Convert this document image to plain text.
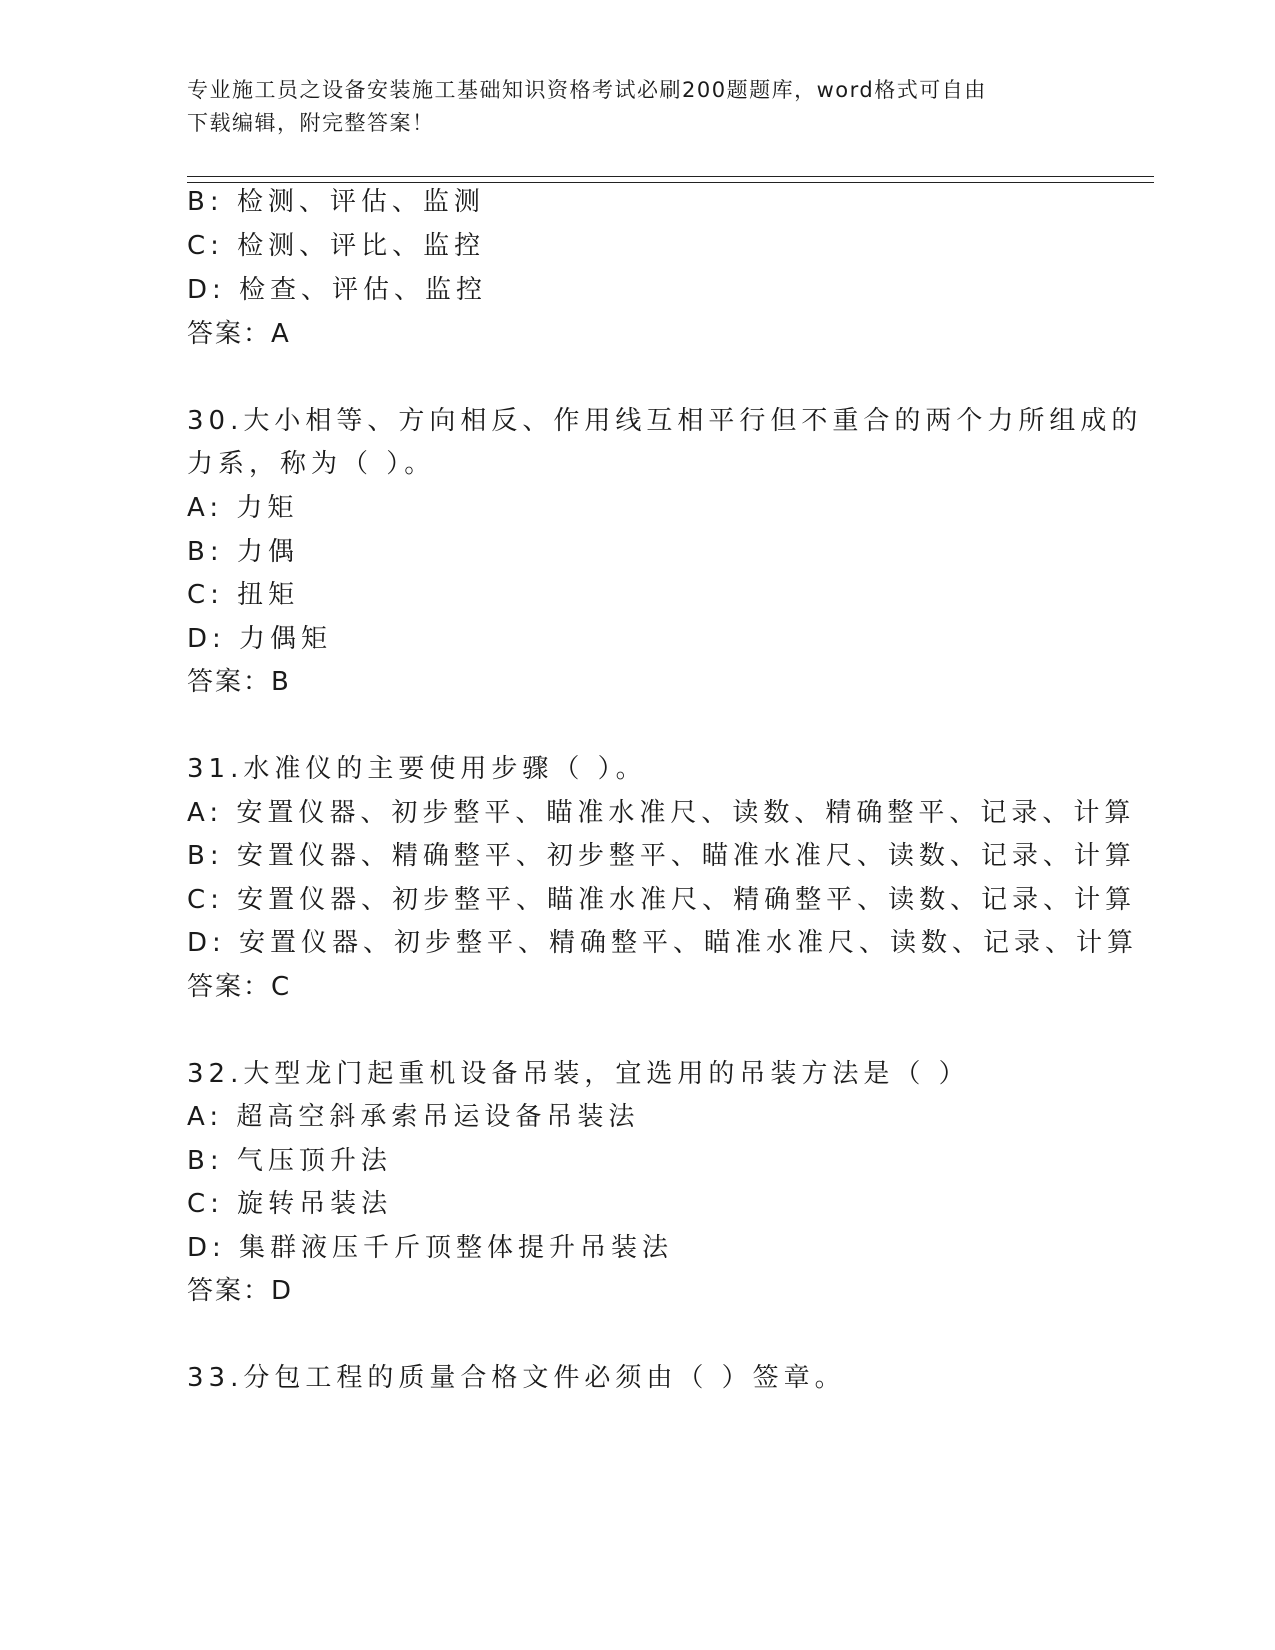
专业施工员之设备安装施工基础知识资格考试必刷200题题库，word格式可自由
下载编辑，附完整答案！
B: 检测、评估、监测
C: 检测、评比、监控
D: 检查、评估、监控
答案：A
30.大小相等、方向相反、作用线互相平行但不重合的两个力所组成的
力系，称为（ ）。
A: 力矩
B: 力偶
C: 扭矩
D: 力偶矩
答案：B
31.水准仪的主要使用步骤（ ）。
A: 安置仪器、初步整平、瞄准水准尺、读数、精确整平、记录、计算
B: 安置仪器、精确整平、初步整平、瞄准水准尺、读数、记录、计算
C: 安置仪器、初步整平、瞄准水准尺、精确整平、读数、记录、计算
D: 安置仪器、初步整平、精确整平、瞄准水准尺、读数、记录、计算
答案：C
32.大型龙门起重机设备吊装，宜选用的吊装方法是（ ）
A: 超高空斜承索吊运设备吊装法
B: 气压顶升法
C: 旋转吊装法
D: 集群液压千斤顶整体提升吊装法
答案：D
33.分包工程的质量合格文件必须由（ ）签章。
